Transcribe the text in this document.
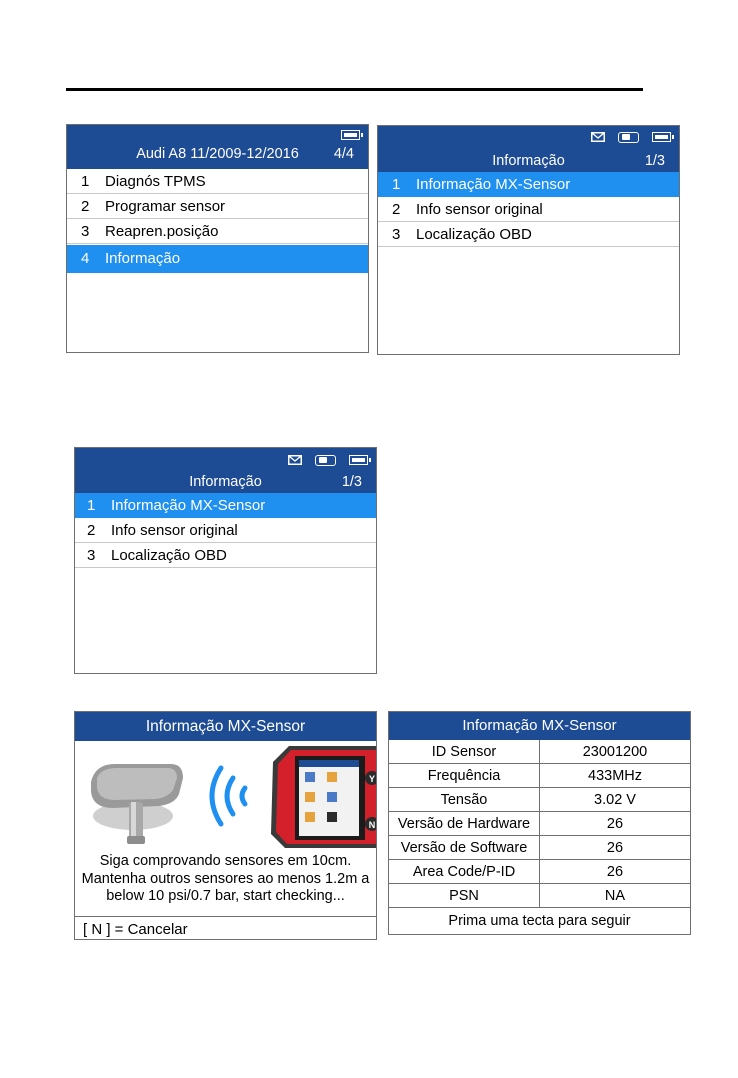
Audi A8 11/2009-12/2016	4/4
1	Diagnós TPMS
2	Programar sensor
3	Reapren.posição
4	Informação
Informação	1/3
1	Informação MX-Sensor
2	Info sensor original
3	Localização OBD
Informação	1/3
1	Informação MX-Sensor
2	Info sensor original
3	Localização OBD
Informação MX-Sensor
Y
N
Siga comprovando sensores em 10cm.
Mantenha outros sensores ao menos 1.2m a
below 10 psi/0.7 bar, start checking...
[ N ] = Cancelar
Informação MX-Sensor
ID Sensor	23001200
Frequência	433MHz
Tensão	3.02 V
Versão de Hardware	26
Versão de Software	26
Area Code/P-ID	26
PSN	NA
Prima uma tecta para seguir
